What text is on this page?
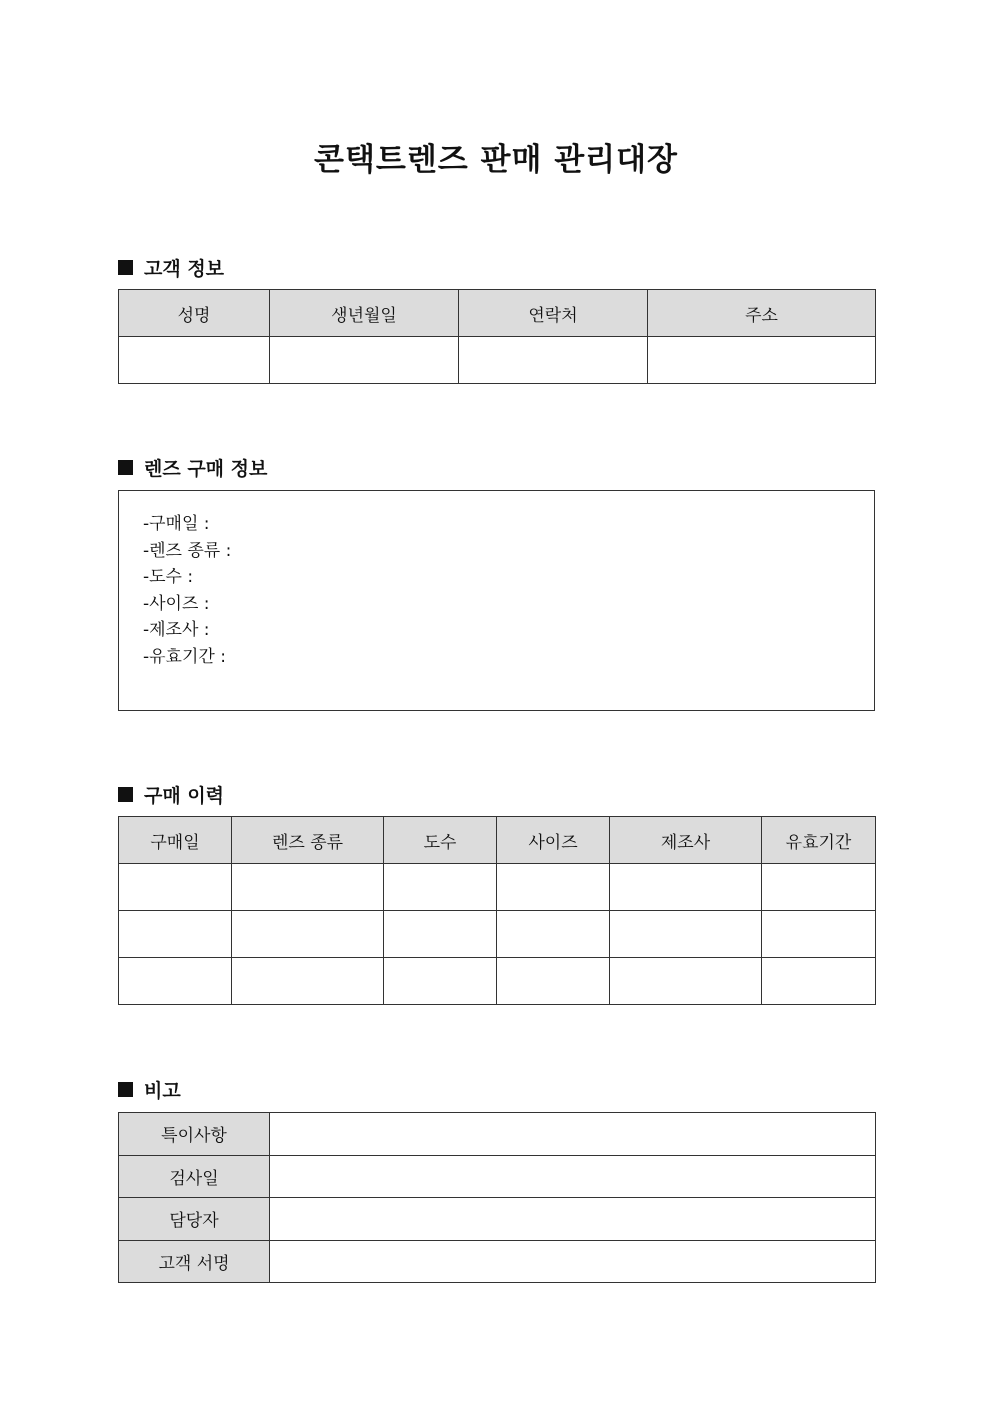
콘택트렌즈 판매 관리대장
고객 정보
성명	생년월일	연락처	주소

렌즈 구매 정보
-구매일 :
-렌즈 종류 :
-도수 :
-사이즈 :
-제조사 :
-유효기간 :
구매 이력
구매일	렌즈 종류	도수	사이즈	제조사	유효기간

비고
특이사항	
검사일	
담당자	
고객 서명	
